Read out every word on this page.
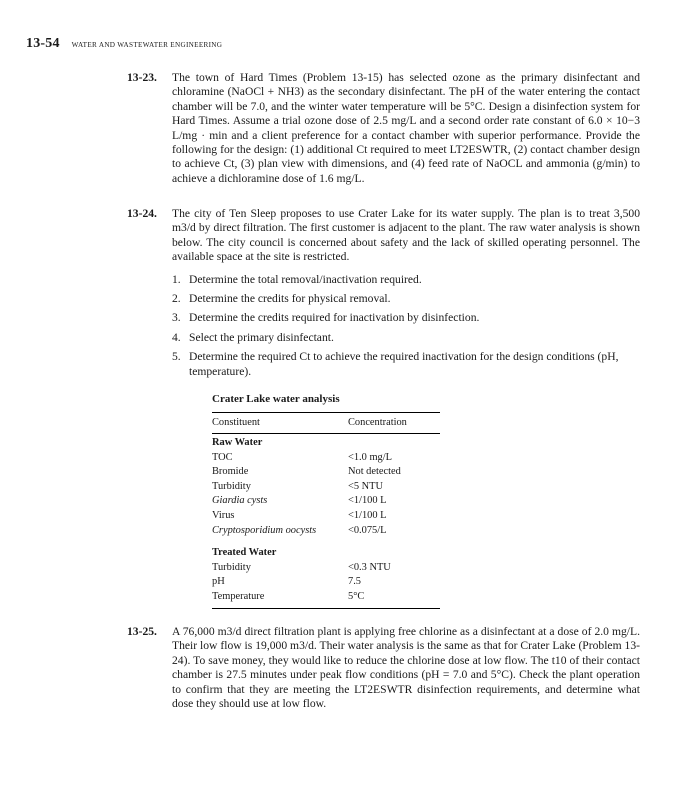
13-54 WATER AND WASTEWATER ENGINEERING
13-23. The town of Hard Times (Problem 13-15) has selected ozone as the primary disinfectant and chloramine (NaOCl + NH3) as the secondary disinfectant. The pH of the water entering the contact chamber will be 7.0, and the winter water temperature will be 5°C. Design a disinfection system for Hard Times. Assume a trial ozone dose of 2.5 mg/L and a second order rate constant of 6.0 × 10−3 L/mg · min and a client preference for a contact chamber with superior performance. Provide the following for the design: (1) additional Ct required to meet LT2ESWTR, (2) contact chamber design to achieve Ct, (3) plan view with dimensions, and (4) feed rate of NaOCL and ammonia (g/min) to achieve a dichloramine dose of 1.6 mg/L.

13-24. The city of Ten Sleep proposes to use Crater Lake for its water supply. The plan is to treat 3,500 m3/d by direct filtration. The first customer is adjacent to the plant. The raw water analysis is shown below. The city council is concerned about safety and the lack of skilled operating personnel. The available space at the site is restricted.

1. Determine the total removal/inactivation required.
2. Determine the credits for physical removal.
3. Determine the credits required for inactivation by disinfection.
4. Select the primary disinfectant.
5. Determine the required Ct to achieve the required inactivation for the design conditions (pH, temperature).
Crater Lake water analysis
Constituent	Concentration
Raw Water	
TOC	<1.0 mg/L
Bromide	Not detected
Turbidity	<5 NTU
Giardia cysts	<1/100 L
Virus	<1/100 L
Cryptosporidium oocysts	<0.075/L

Treated Water	
Turbidity	<0.3 NTU
pH	7.5
Temperature	5°C
13-25. A 76,000 m3/d direct filtration plant is applying free chlorine as a disinfectant at a dose of 2.0 mg/L. Their low flow is 19,000 m3/d. Their water analysis is the same as that for Crater Lake (Problem 13-24). To save money, they would like to reduce the chlorine dose at low flow. The t10 of their contact chamber is 27.5 minutes under peak flow conditions (pH = 7.0 and 5°C). Check the plant operation to confirm that they are meeting the LT2ESWTR disinfection requirements, and determine what dose they should use at low flow.
